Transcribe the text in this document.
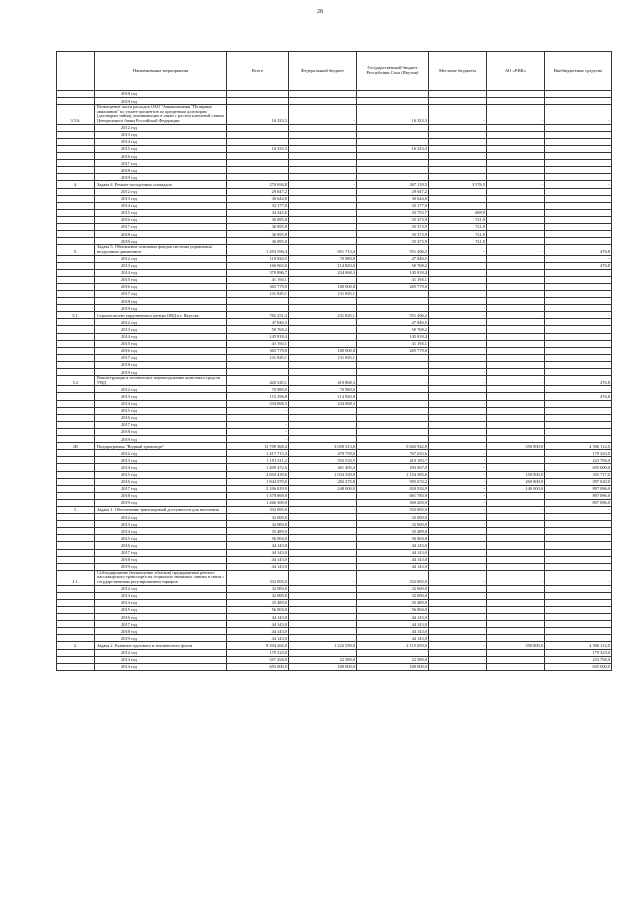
28
	Наименование мероприятия	Всего	Федеральный бюджет	Государственный бюджет Республики Саха (Якутия)	Местные бюджеты	АО «РИК»	Внебюджетные средства
	2018 год						
	2019 год						
3.5.6.	Возмещение части расходов ОАО "Авиакомпания "Полярные авиалинии" по уплате процентов по кредитным договорам (договорам займа), возникающих в связи с ростом ключевой ставки Центрального банка Российской Федерации	16 333,3	-	16 333,3	-	-	-
	2012 год						
	2013 год						
	2014 год						
	2015 год	16 333,3		16 333,3			
	2016 год						
	2017 год						
	2018 год						
	2019 год						
4.	Задача 4. Ремонт посадочных площадок	270 694,8	-	267 118,3	3 576,5	-	-
	2012 год	29 047,2		29 047,2			
	2013 год	30 644,8		30 644,8			
	2014 год	32 177,0		32 177,0			
	2015 год	34 442,6		33 753,7	688,9		
	2016 год	36 095,8		35 373,9	721,9		
	2017 год	36 095,8		35 373,9	721,9		
	2018 год	36 095,8		35 373,9	721,9		
	2019 год	36 095,8		35 373,9	721,9		
5.	Задача 5. Обновление основных фондов системы управления воздушным движением	1 203 596,4	651 713,4	551 406,2	-	-	476,8
	2012 год	118 826,5	70 980,0	47 846,5			-
	2013 год	166 063,0	114 820,0	50 768,2			476,8
	2014 год	379 886,7	234 068,3	145 818,4			
	2015 год	41 194,1		41 194,1			
	2016 год	365 779,0	100 000,0	265 779,0			
	2017 год	131 845,1	131 845,1				
	2018 год						
	2019 год						
5.1.	Строительство укрупненного центра ОВД в г. Якутске	782 251,2	231 845,1	551 406,2	-	-	-
	2012 год	47 846,5		47 846,5			
	2013 год	50 768,2		50 768,2			
	2014 год	145 818,4		145 818,4			
	2015 год	41 194,1		41 194,1			
	2016 год	365 779,0	100 000,0	265 779,0			
	2017 год	131 845,1	131 845,1				
	2018 год						
	2019 год						
5.2	Реконструкция и техническое перевооружение комплекса средств УВД	420 345,1	419 868,3	-	-	-	476,8
	2012 год	70 980,0	70 980,0				
	2013 год	115 296,8	114 820,0				476,8
	2014 год	234 068,3	234 068,3				
	2015 год	-					
	2016 год	-					
	2017 год	-					
	2018 год	-					
	2019 год	-					
III	Подпрограмма "Водный транспорт"	13 709 368,4	3 050 313,6	5 602 942,8	-	550 000,0	4 506 112,0
	2012 год	1 417 715,3	470 759,0	767 633,6	-		179 323,0
	2013 год	1 191 511,2	553 533,5	410 183,7	-		223 794,0
	2014 год	1 409 472,6	461 405,4	293 067,0	-		655 000,0
	2015 год	2 694 439,6	1 034 339,0	1 154 383,6	-	150 000,0	355 717,0
	2016 год	1 844 970,0	282 275,8	905 674,2	-	260 000,0	397 020,0
	2017 год	2 106 019,9	248 000,0	820 933,9	-	140 000,0	897 086,0
	2018 год	1 578 869,9		681 783,9	-		897 086,0
	2019 год	1 466 369,9		569 283,9	-		897 086,0
1.	Задача 1. Обеспечение транспортной доступности для населения	332 065,0	-	332 065,0	-	-	-
	2012 год	32 000,0		32 000,0			
	2013 год	32 000,0		32 000,0			
	2014 год	35 489,0		35 489,0			
	2015 год	56 004,0		56 004,0			
	2016 год	44 143,0		44 143,0			
	2017 год	44 143,0		44 143,0			
	2018 год	44 143,0		44 143,0			
	2019 год	44 143,0		44 143,0			
1.1.	Субсидирование (возмещение убытков) предприятиям речного пассажирского транспорта на социально значимых линиях в связи с государственным регулированием тарифов	332 065,0	-	332 065,0	-	-	-
	2012 год	32 000,0		32 000,0			
	2013 год	32 000,0		32 000,0			
	2014 год	35 489,0		35 489,0			
	2015 год	56 004,0		56 004,0			
	2016 год	44 143,0		44 143,0			
	2017 год	44 143,0		44 143,0			
	2018 год	44 143,0		44 143,0			
	2019 год	44 143,0		44 143,0			
2.	Задача 2. Развитие грузового и технического флота	8 394 262,0	1 222 550,0	2 115 650,0	-	550 000,0	4 506 112,0
	2012 год	179 323,0					179 323,0
	2013 год	257 294,0	22 500,0	22 500,0			223 794,0
	2014 год	655 000,0	100 000,0	100 000,0			655 000,0
